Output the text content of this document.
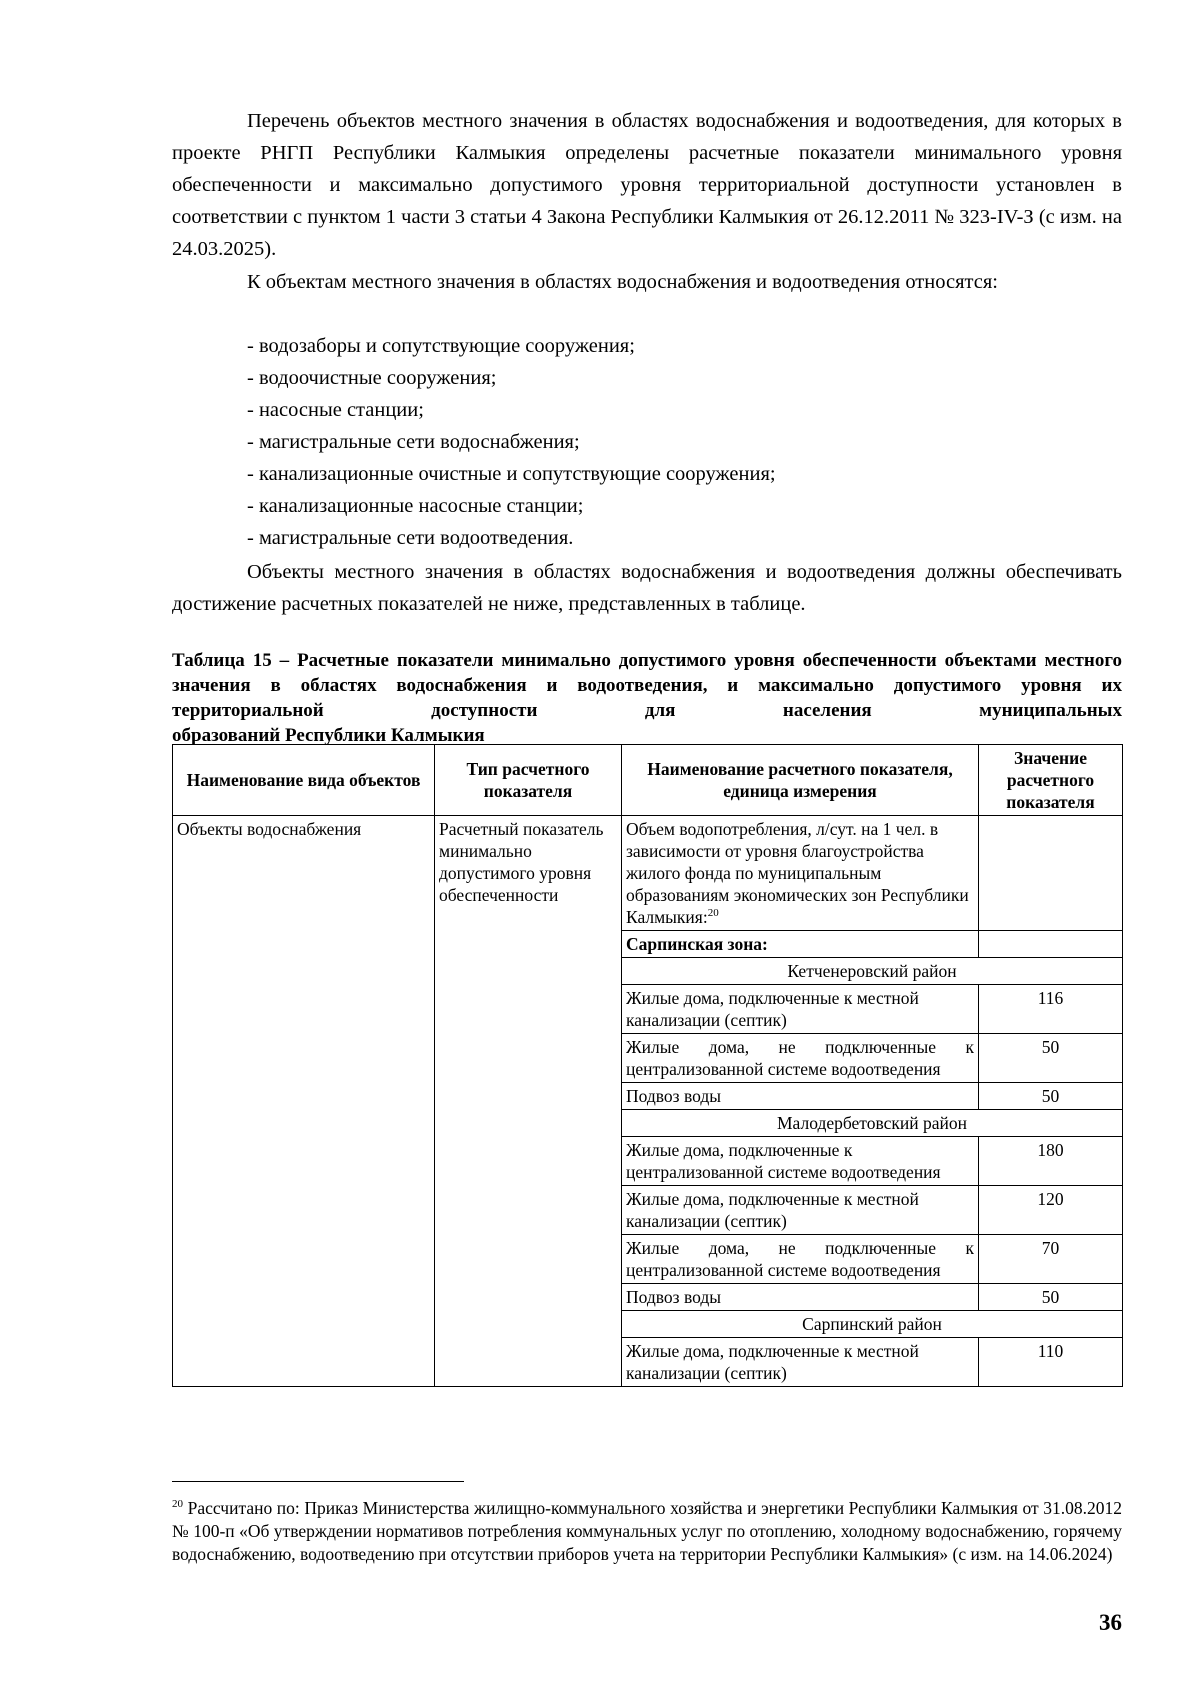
Перечень объектов местного значения в областях водоснабжения и водоотведения, для которых в проекте РНГП Республики Калмыкия определены расчетные показатели минимального уровня обеспеченности и максимально допустимого уровня территориальной доступности установлен в соответствии с пунктом 1 части 3 статьи 4 Закона Республики Калмыкия от 26.12.2011 № 323-IV-З (с изм. на 24.03.2025).

К объектам местного значения в областях водоснабжения и водоотведения относятся:

- водозаборы и сопутствующие сооружения;
- водоочистные сооружения;
- насосные станции;
- магистральные сети водоснабжения;
- канализационные очистные и сопутствующие сооружения;
- канализационные насосные станции;
- магистральные сети водоотведения.

Объекты местного значения в областях водоснабжения и водоотведения должны обеспечивать достижение расчетных показателей не ниже, представленных в таблице.

Таблица 15 – Расчетные показатели минимально допустимого уровня обеспеченности объектами местного значения в областях водоснабжения и водоотведения, и максимально допустимого уровня их территориальной доступности для населения муниципальных
образований Республики Калмыкия
Наименование вида объектов	Тип расчетного показателя	Наименование расчетного показателя, единица измерения	Значение расчетного показателя
Объекты водоснабжения	Расчетный показатель минимально допустимого уровня обеспеченности	Объем водопотребления, л/сут. на 1 чел. в зависимости от уровня благоустройства жилого фонда по муниципальным образованиям экономических зон Республики Калмыкия:$^{20}$	
		Сарпинская зона:	
		Кетченеровский район	
		Жилые дома, подключенные к местной канализации (септик)	116
		Жилые дома, не подключенные к централизованной системе водоотведения	50
		Подвоз воды	50
		Малодербетовский район	
		Жилые дома, подключенные к централизованной системе водоотведения	180
		Жилые дома, подключенные к местной канализации (септик)	120
		Жилые дома, не подключенные к централизованной системе водоотведения	70
		Подвоз воды	50
		Сарпинский район	
		Жилые дома, подключенные к местной канализации (септик)	110
$^{20}$ Рассчитано по: Приказ Министерства жилищно-коммунального хозяйства и энергетики Республики Калмыкия от 31.08.2012 № 100-п «Об утверждении нормативов потребления коммунальных услуг по отоплению, холодному водоснабжению, горячему водоснабжению, водоотведению при отсутствии приборов учета на территории Республики Калмыкия» (с изм. на 14.06.2024)
36
